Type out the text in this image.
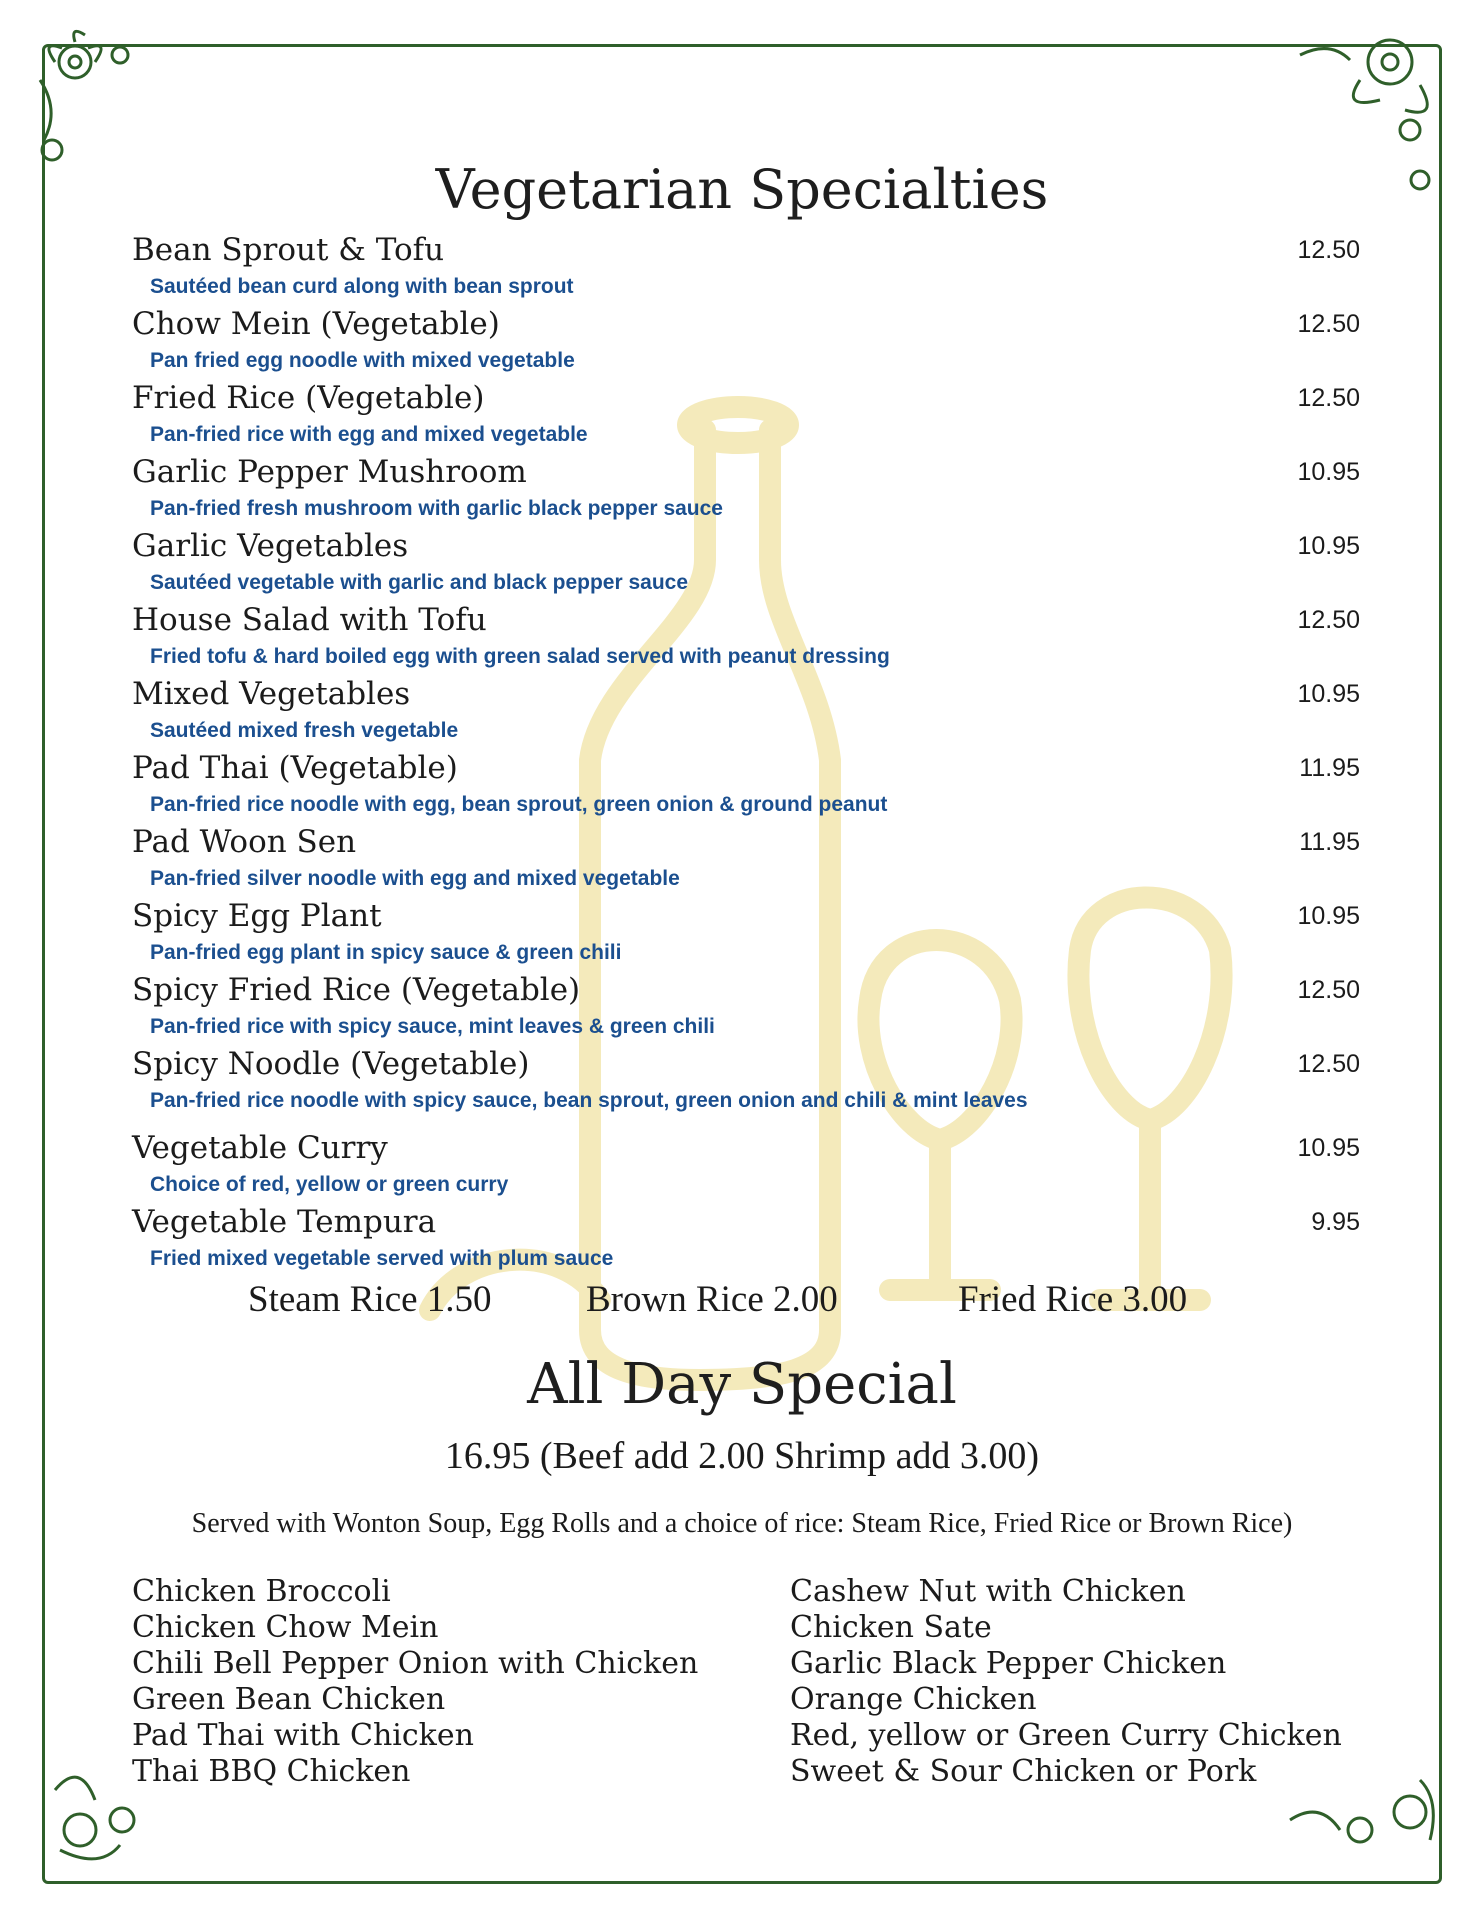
Vegetarian Specialties
Bean Sprout & Tofu	12.50
Sautéed bean curd along with bean sprout
Chow Mein (Vegetable)	12.50
Pan fried egg noodle with mixed vegetable
Fried Rice (Vegetable)	12.50
Pan-fried rice with egg and mixed vegetable
Garlic Pepper Mushroom	10.95
Pan-fried fresh mushroom with garlic black pepper sauce
Garlic Vegetables	10.95
Sautéed vegetable with garlic and black pepper sauce
House Salad with Tofu	12.50
Fried tofu & hard boiled egg with green salad served with peanut dressing
Mixed Vegetables	10.95
Sautéed mixed fresh vegetable
Pad Thai (Vegetable)	11.95
Pan-fried rice noodle with egg, bean sprout, green onion & ground peanut
Pad Woon Sen	11.95
Pan-fried silver noodle with egg and mixed vegetable
Spicy Egg Plant	10.95
Pan-fried egg plant in spicy sauce & green chili
Spicy Fried Rice (Vegetable)	12.50
Pan-fried rice with spicy sauce, mint leaves & green chili
Spicy Noodle (Vegetable)	12.50
Pan-fried rice noodle with spicy sauce, bean sprout, green onion and chili & mint leaves
Vegetable Curry	10.95
Choice of red, yellow or green curry
Vegetable Tempura	9.95
Fried mixed vegetable served with plum sauce
Steam Rice 1.50	Brown Rice 2.00	Fried Rice 3.00
All Day Special
16.95 (Beef add 2.00 Shrimp add 3.00)
Served with Wonton Soup, Egg Rolls and a choice of rice: Steam Rice, Fried Rice or Brown Rice)
Chicken Broccoli
Chicken Chow Mein
Chili Bell Pepper Onion with Chicken
Green Bean Chicken
Pad Thai with Chicken
Thai BBQ Chicken
Cashew Nut with Chicken
Chicken Sate
Garlic Black Pepper Chicken
Orange Chicken
Red, yellow or Green Curry Chicken
Sweet & Sour Chicken or Pork
